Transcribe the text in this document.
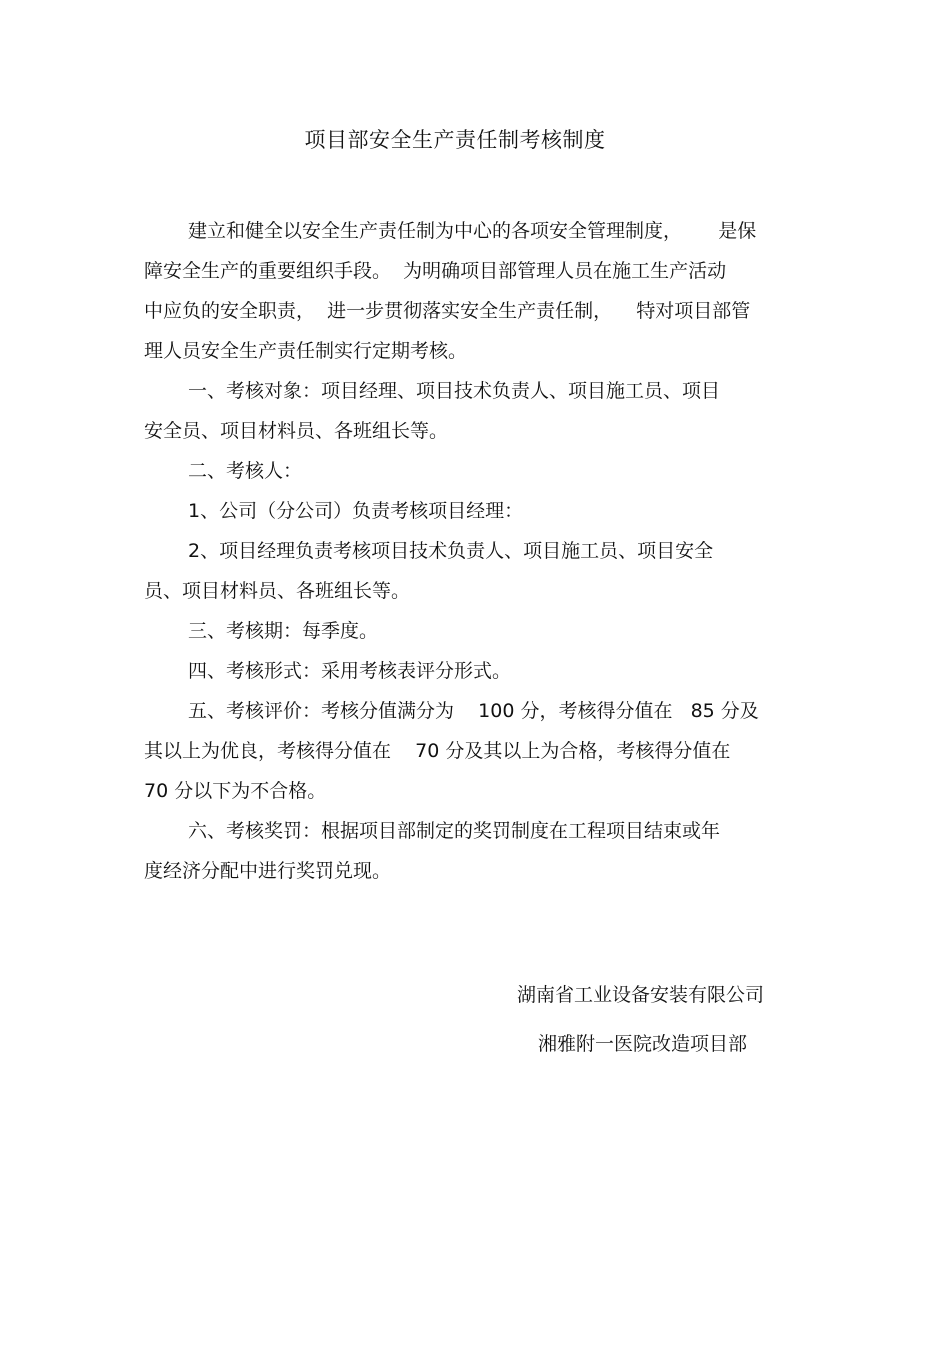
项目部安全生产责任制考核制度
建立和健全以安全生产责任制为中心的各项安全管理制度，      是保
障安全生产的重要组织手段。  为明确项目部管理人员在施工生产活动
中应负的安全职责，  进一步贯彻落实安全生产责任制，    特对项目部管
理人员安全生产责任制实行定期考核。
一、考核对象：项目经理、项目技术负责人、项目施工员、项目
安全员、项目材料员、各班组长等。
二、考核人：
1、公司（分公司）负责考核项目经理：
2、项目经理负责考核项目技术负责人、项目施工员、项目安全
员、项目材料员、各班组长等。
三、考核期：每季度。
四、考核形式：采用考核表评分形式。
五、考核评价：考核分值满分为    100 分，考核得分值在   85 分及
其以上为优良，考核得分值在    70 分及其以上为合格，考核得分值在
70 分以下为不合格。
六、考核奖罚：根据项目部制定的奖罚制度在工程项目结束或年
度经济分配中进行奖罚兑现。
湖南省工业设备安装有限公司
湘雅附一医院改造项目部
